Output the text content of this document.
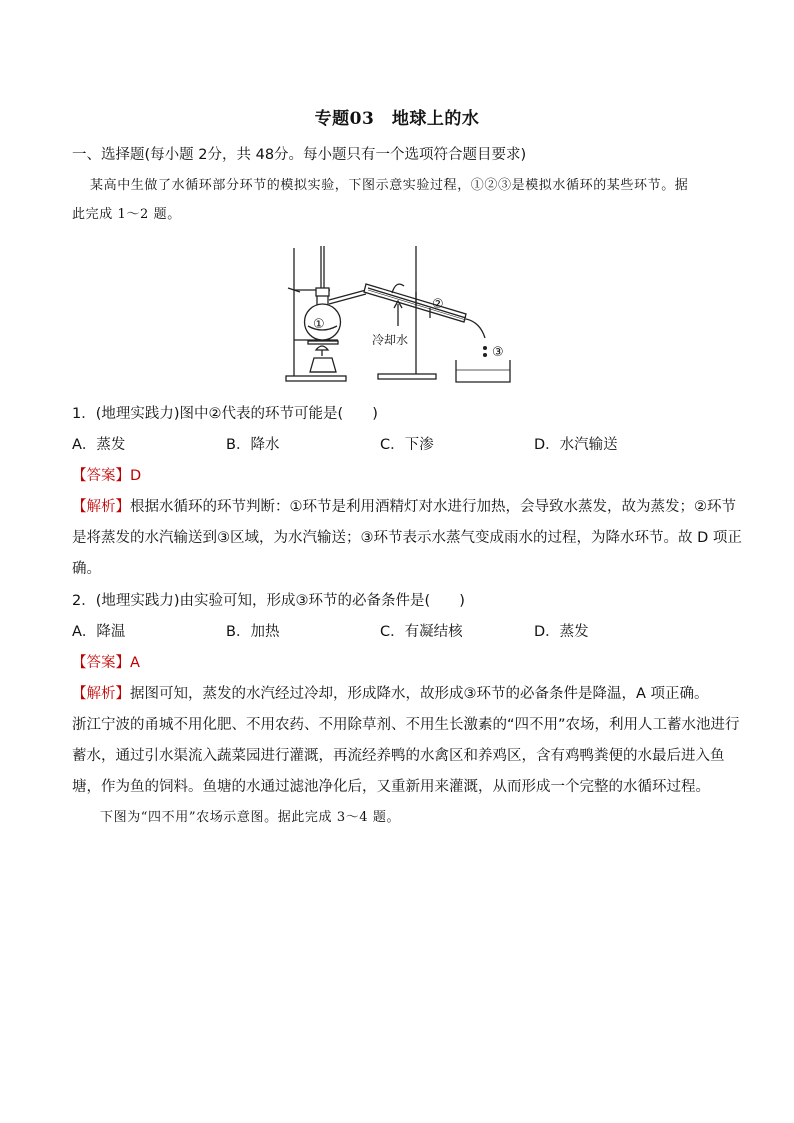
专题03　地球上的水
一、选择题(每小题 2分，共 48分。每小题只有一个选项符合题目要求)
某高中生做了水循环部分环节的模拟实验，下图示意实验过程，①②③是模拟水循环的某些环节。据
此完成 1～2 题。
①
②
③
冷却水
1．(地理实践力)图中②代表的环节可能是(　　)
A．蒸发	B．降水	C．下渗	D．水汽输送
【答案】D
【解析】根据水循环的环节判断：①环节是利用酒精灯对水进行加热，会导致水蒸发，故为蒸发；②环节
是将蒸发的水汽输送到③区域，为水汽输送；③环节表示水蒸气变成雨水的过程，为降水环节。故 D 项正
确。
2．(地理实践力)由实验可知，形成③环节的必备条件是(　　)
A．降温	B．加热	C．有凝结核	D．蒸发
【答案】A
【解析】据图可知，蒸发的水汽经过冷却，形成降水，故形成③环节的必备条件是降温，A 项正确。
浙江宁波的甬城不用化肥、不用农药、不用除草剂、不用生长激素的“四不用”农场，利用人工蓄水池进行
蓄水，通过引水渠流入蔬菜园进行灌溉，再流经养鸭的水禽区和养鸡区，含有鸡鸭粪便的水最后进入鱼
塘，作为鱼的饲料。鱼塘的水通过滤池净化后，又重新用来灌溉，从而形成一个完整的水循环过程。
下图为“四不用”农场示意图。据此完成 3～4 题。
